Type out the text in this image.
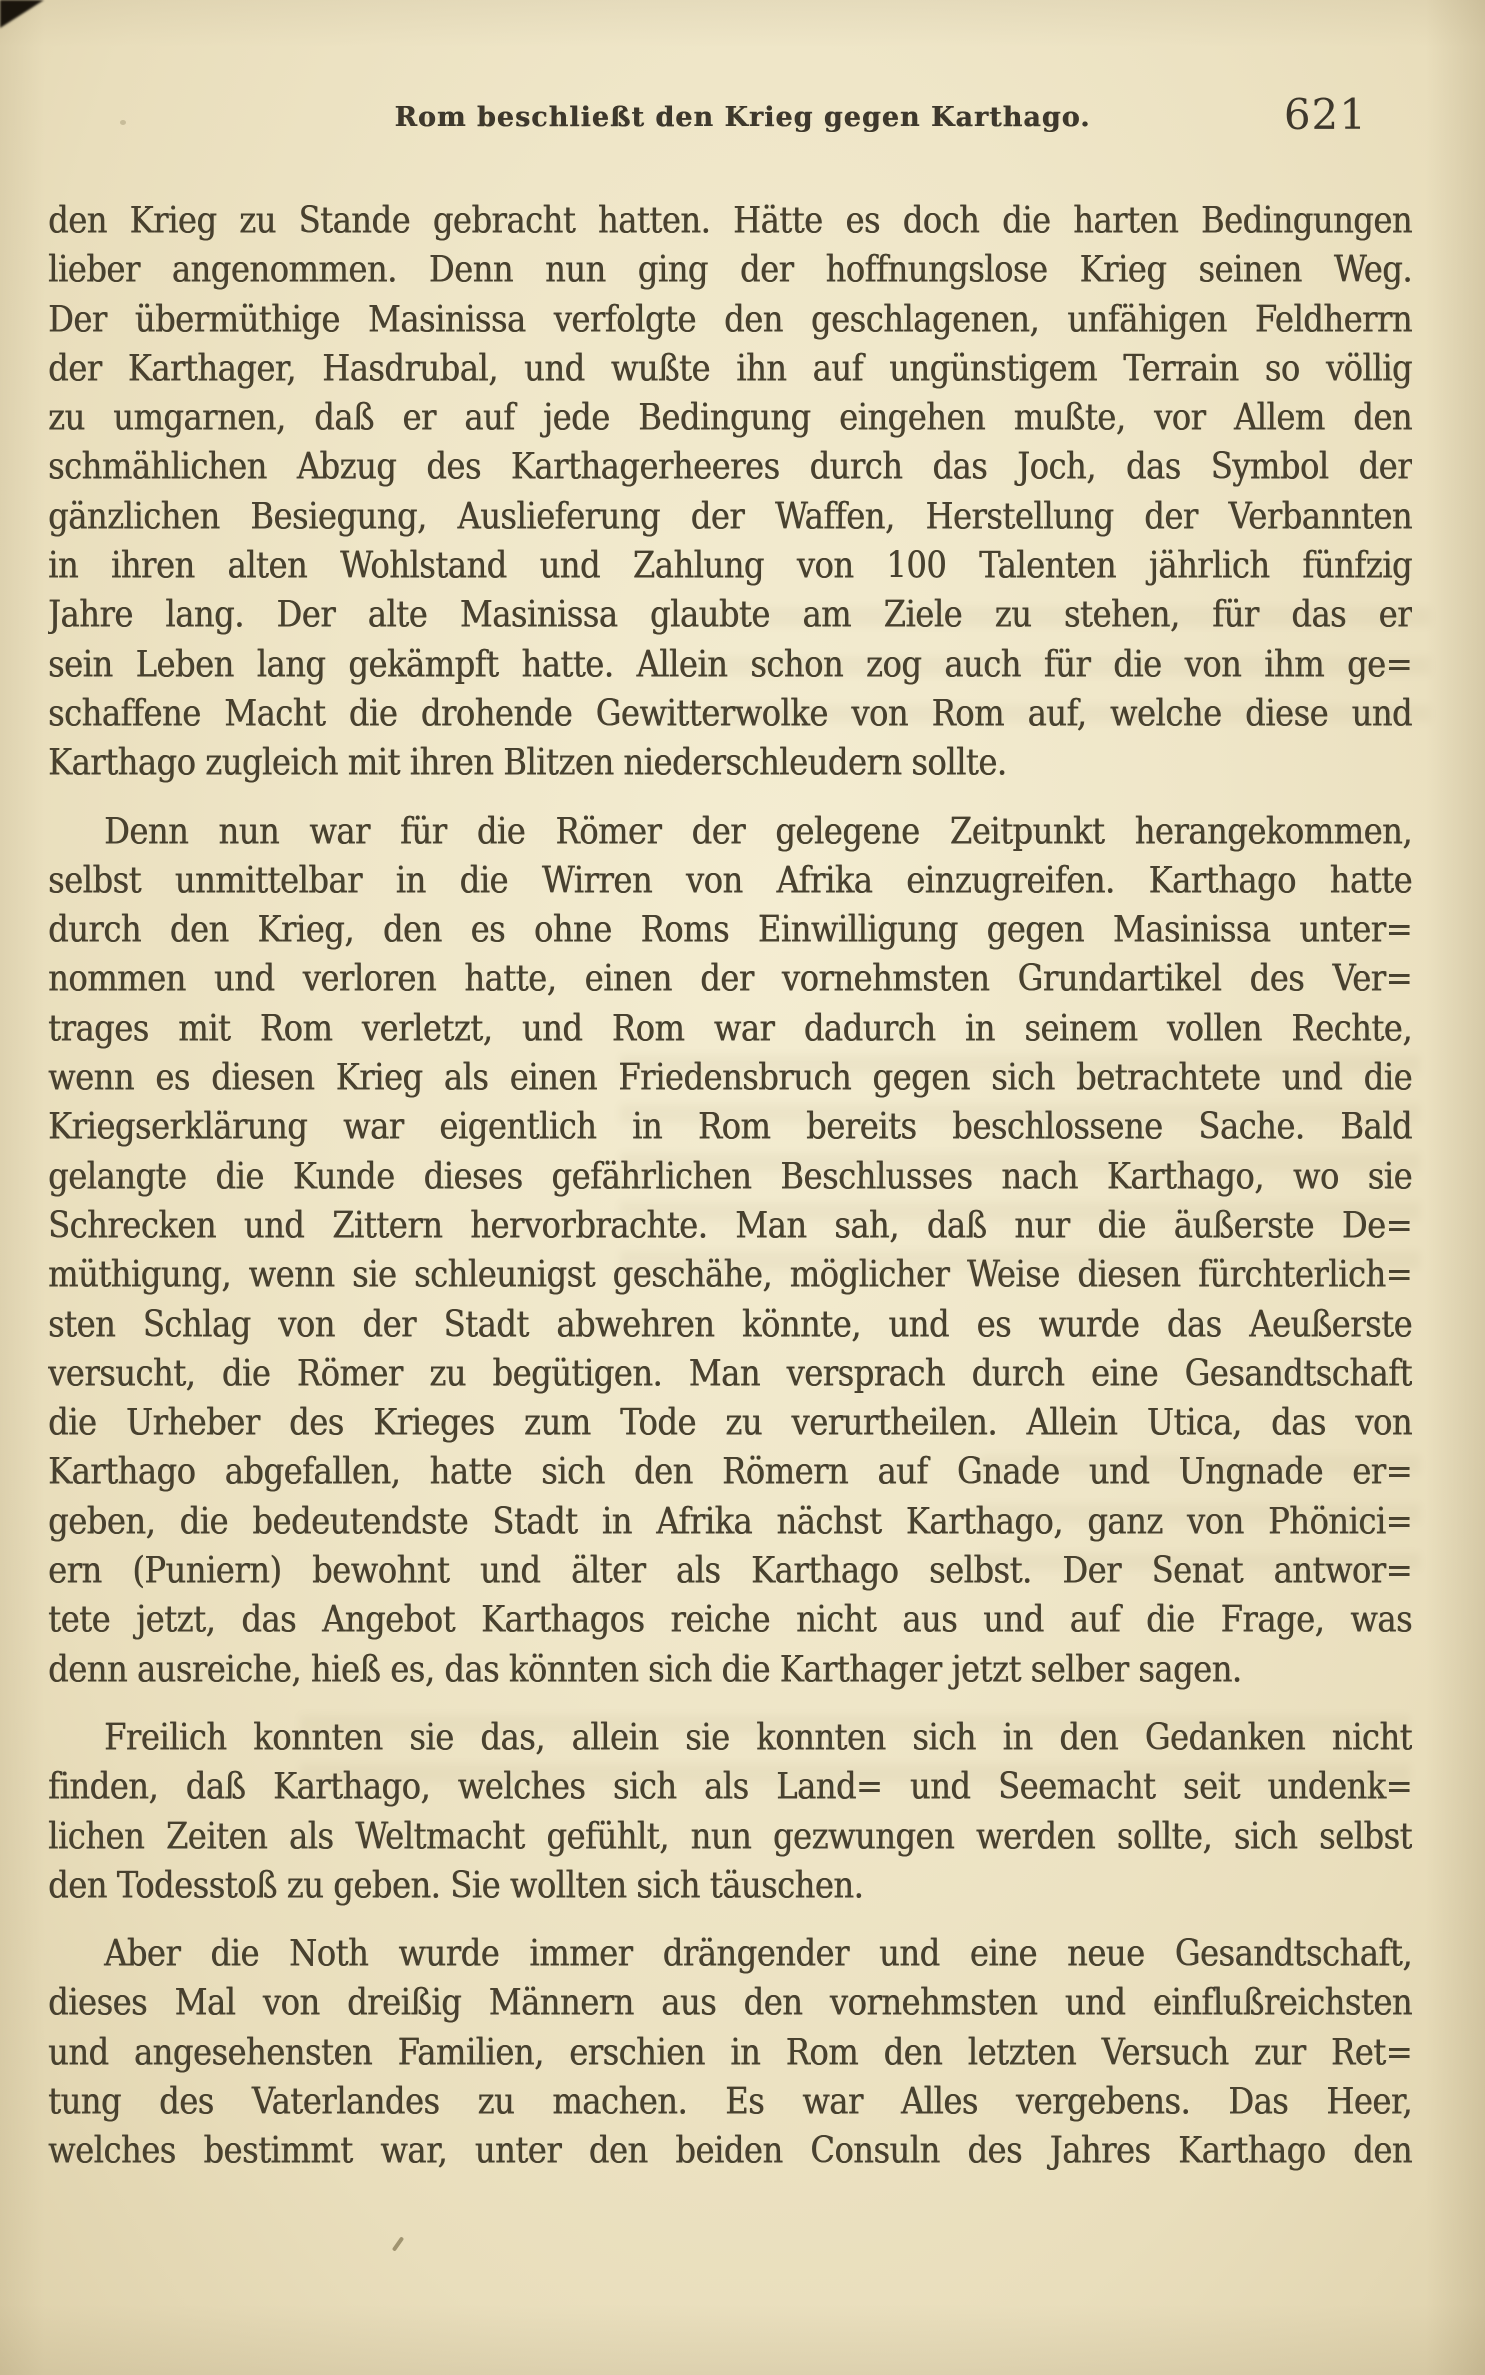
Rom beschließt den Krieg gegen Karthago.	621
den Krieg zu Stande gebracht hatten. Hätte es doch die harten Bedingungen
lieber angenommen. Denn nun ging der hoffnungslose Krieg seinen Weg.
Der übermüthige Masinissa verfolgte den geschlagenen, unfähigen Feldherrn
der Karthager, Hasdrubal, und wußte ihn auf ungünstigem Terrain so völlig
zu umgarnen, daß er auf jede Bedingung eingehen mußte, vor Allem den
schmählichen Abzug des Karthagerheeres durch das Joch, das Symbol der
gänzlichen Besiegung, Auslieferung der Waffen, Herstellung der Verbannten
in ihren alten Wohlstand und Zahlung von 100 Talenten jährlich fünfzig
Jahre lang. Der alte Masinissa glaubte am Ziele zu stehen, für das er
sein Leben lang gekämpft hatte. Allein schon zog auch für die von ihm ge=
schaffene Macht die drohende Gewitterwolke von Rom auf, welche diese und
Karthago zugleich mit ihren Blitzen niederschleudern sollte.
Denn nun war für die Römer der gelegene Zeitpunkt herangekommen,
selbst unmittelbar in die Wirren von Afrika einzugreifen. Karthago hatte
durch den Krieg, den es ohne Roms Einwilligung gegen Masinissa unter=
nommen und verloren hatte, einen der vornehmsten Grundartikel des Ver=
trages mit Rom verletzt, und Rom war dadurch in seinem vollen Rechte,
wenn es diesen Krieg als einen Friedensbruch gegen sich betrachtete und die
Kriegserklärung war eigentlich in Rom bereits beschlossene Sache. Bald
gelangte die Kunde dieses gefährlichen Beschlusses nach Karthago, wo sie
Schrecken und Zittern hervorbrachte. Man sah, daß nur die äußerste De=
müthigung, wenn sie schleunigst geschähe, möglicher Weise diesen fürchterlich=
sten Schlag von der Stadt abwehren könnte, und es wurde das Aeußerste
versucht, die Römer zu begütigen. Man versprach durch eine Gesandtschaft
die Urheber des Krieges zum Tode zu verurtheilen. Allein Utica, das von
Karthago abgefallen, hatte sich den Römern auf Gnade und Ungnade er=
geben, die bedeutendste Stadt in Afrika nächst Karthago, ganz von Phönici=
ern (Puniern) bewohnt und älter als Karthago selbst. Der Senat antwor=
tete jetzt, das Angebot Karthagos reiche nicht aus und auf die Frage, was
denn ausreiche, hieß es, das könnten sich die Karthager jetzt selber sagen.
Freilich konnten sie das, allein sie konnten sich in den Gedanken nicht
finden, daß Karthago, welches sich als Land= und Seemacht seit undenk=
lichen Zeiten als Weltmacht gefühlt, nun gezwungen werden sollte, sich selbst
den Todesstoß zu geben. Sie wollten sich täuschen.
Aber die Noth wurde immer drängender und eine neue Gesandtschaft,
dieses Mal von dreißig Männern aus den vornehmsten und einflußreichsten
und angesehensten Familien, erschien in Rom den letzten Versuch zur Ret=
tung des Vaterlandes zu machen. Es war Alles vergebens. Das Heer,
welches bestimmt war, unter den beiden Consuln des Jahres Karthago den
